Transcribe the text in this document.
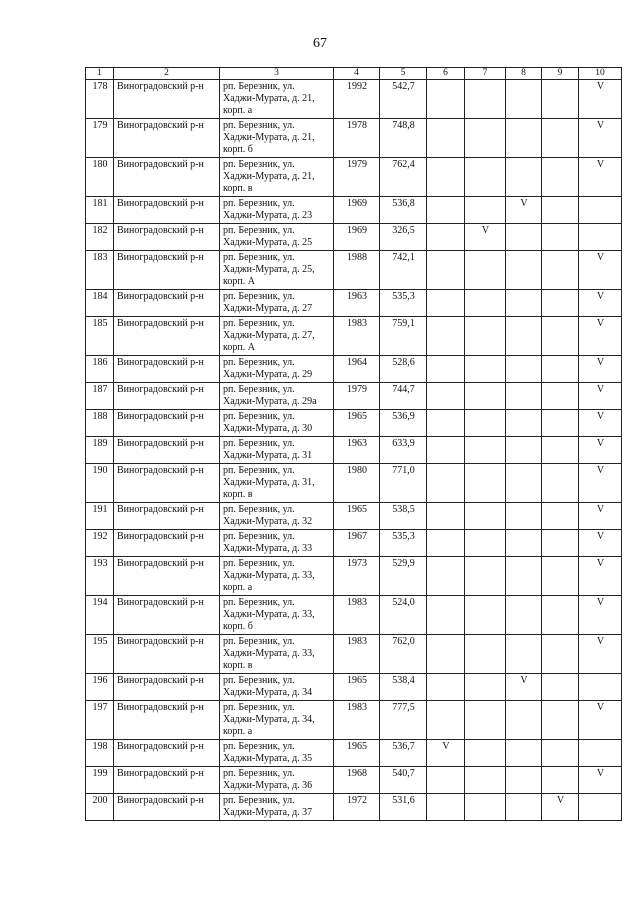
67
1	2	3	4	5	6	7	8	9	10
178	Виноградовский р-н	рп. Березник, ул.
Хаджи-Мурата, д. 21,
корп. а	1992	542,7					V
179	Виноградовский р-н	рп. Березник, ул.
Хаджи-Мурата, д. 21,
корп. б	1978	748,8					V
180	Виноградовский р-н	рп. Березник, ул.
Хаджи-Мурата, д. 21,
корп. в	1979	762,4					V
181	Виноградовский р-н	рп. Березник, ул.
Хаджи-Мурата, д. 23	1969	536,8			V		
182	Виноградовский р-н	рп. Березник, ул.
Хаджи-Мурата, д. 25	1969	326,5		V			
183	Виноградовский р-н	рп. Березник, ул.
Хаджи-Мурата, д. 25,
корп. А	1988	742,1					V
184	Виноградовский р-н	рп. Березник, ул.
Хаджи-Мурата, д. 27	1963	535,3					V
185	Виноградовский р-н	рп. Березник, ул.
Хаджи-Мурата, д. 27,
корп. А	1983	759,1					V
186	Виноградовский р-н	рп. Березник, ул.
Хаджи-Мурата, д. 29	1964	528,6					V
187	Виноградовский р-н	рп. Березник, ул.
Хаджи-Мурата, д. 29а	1979	744,7					V
188	Виноградовский р-н	рп. Березник, ул.
Хаджи-Мурата, д. 30	1965	536,9					V
189	Виноградовский р-н	рп. Березник, ул.
Хаджи-Мурата, д. 31	1963	633,9					V
190	Виноградовский р-н	рп. Березник, ул.
Хаджи-Мурата, д. 31,
корп. в	1980	771,0					V
191	Виноградовский р-н	рп. Березник, ул.
Хаджи-Мурата, д. 32	1965	538,5					V
192	Виноградовский р-н	рп. Березник, ул.
Хаджи-Мурата, д. 33	1967	535,3					V
193	Виноградовский р-н	рп. Березник, ул.
Хаджи-Мурата, д. 33,
корп. а	1973	529,9					V
194	Виноградовский р-н	рп. Березник, ул.
Хаджи-Мурата, д. 33,
корп. б	1983	524,0					V
195	Виноградовский р-н	рп. Березник, ул.
Хаджи-Мурата, д. 33,
корп. в	1983	762,0					V
196	Виноградовский р-н	рп. Березник, ул.
Хаджи-Мурата, д. 34	1965	538,4			V		
197	Виноградовский р-н	рп. Березник, ул.
Хаджи-Мурата, д. 34,
корп. а	1983	777,5					V
198	Виноградовский р-н	рп. Березник, ул.
Хаджи-Мурата, д. 35	1965	536,7	V				
199	Виноградовский р-н	рп. Березник, ул.
Хаджи-Мурата, д. 36	1968	540,7					V
200	Виноградовский р-н	рп. Березник, ул.
Хаджи-Мурата, д. 37	1972	531,6				V	
